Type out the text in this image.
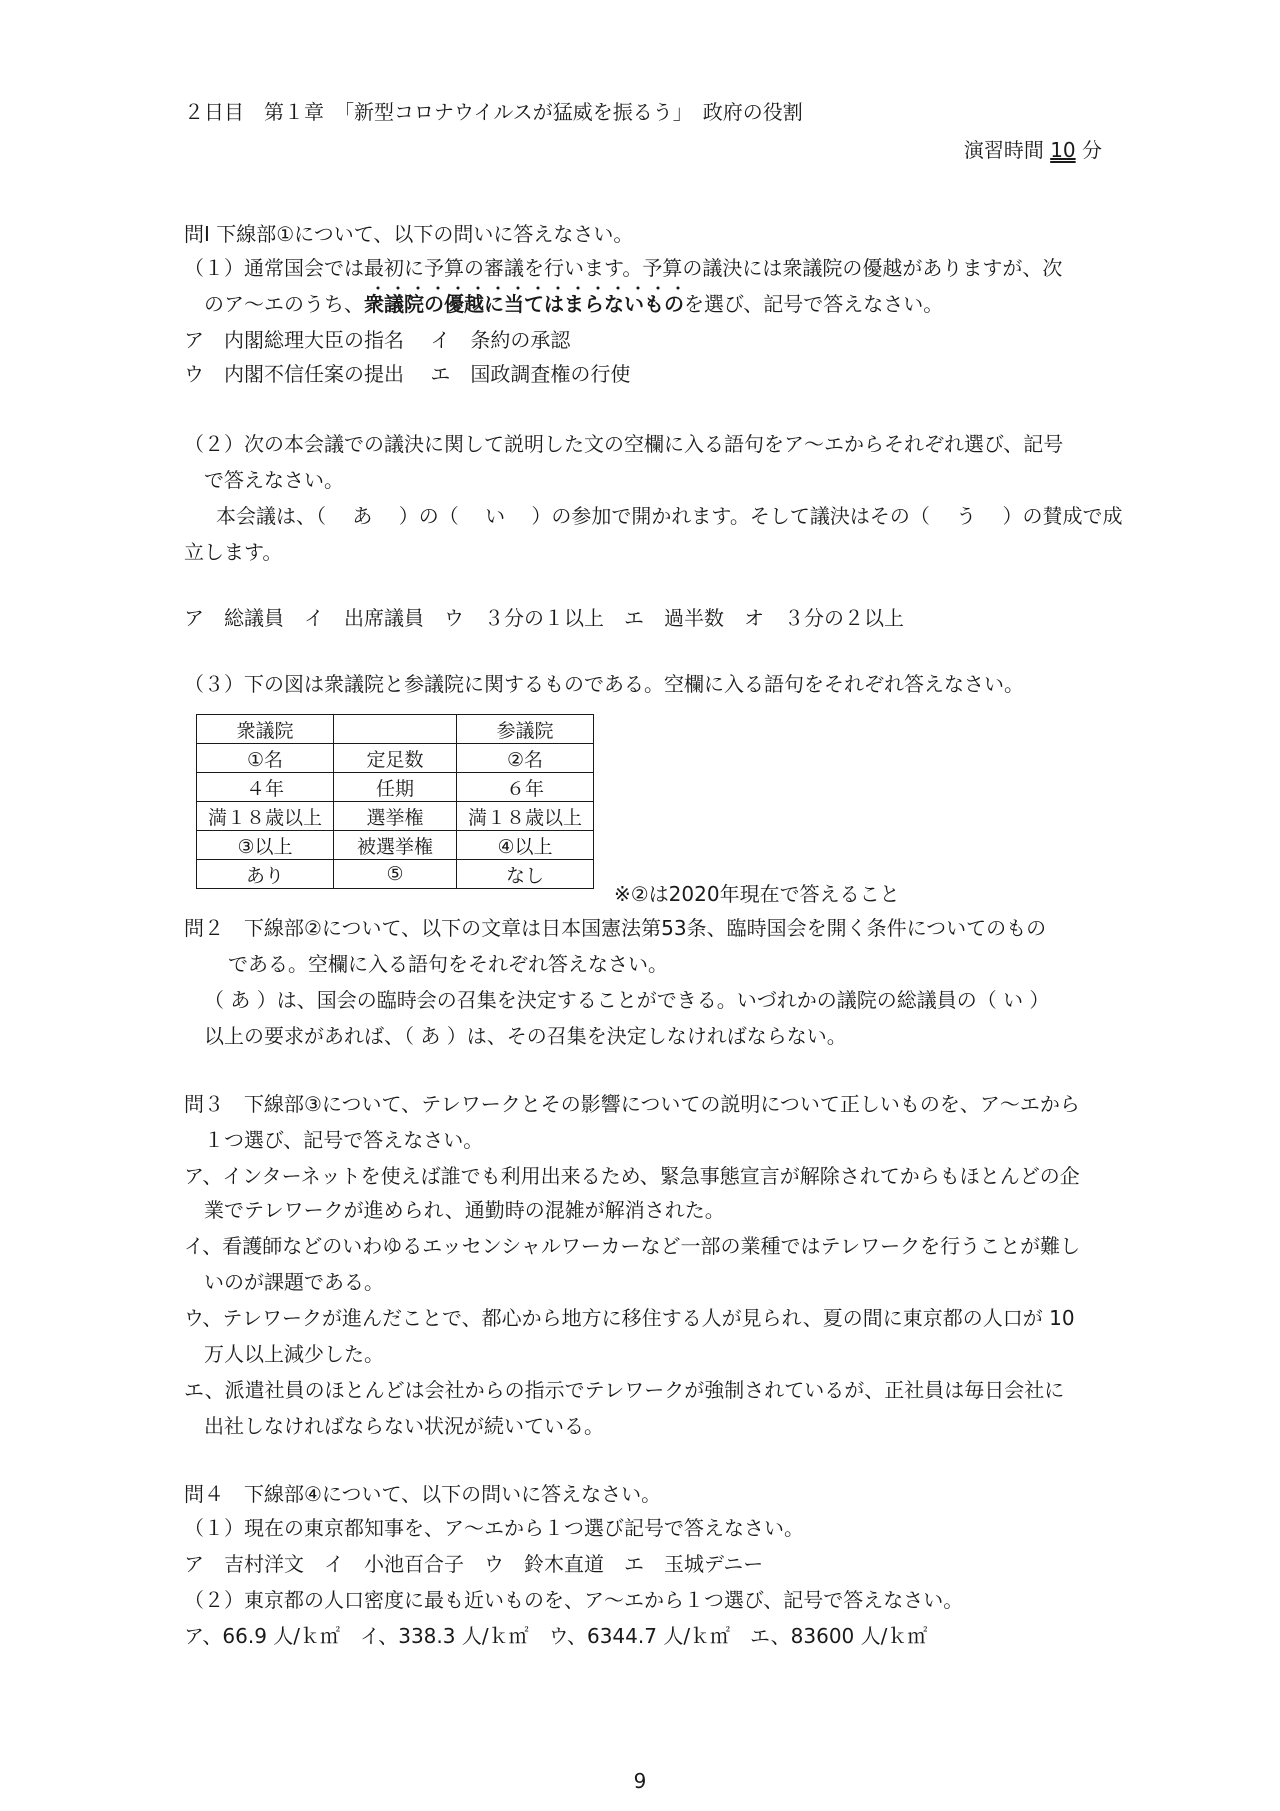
２日目　第１章　「新型コロナウイルスが猛威を振るう」　政府の役割
演習時間 10 分
問Ⅰ 下線部①について、以下の問いに答えなさい。
（１）通常国会では最初に予算の審議を行います。予算の議決には衆議院の優越がありますが、次
のア～エのうち、衆議院の優越に当てはまらないものを選び、記号で答えなさい。
ア　内閣総理大臣の指名　 イ　条約の承認
ウ　内閣不信任案の提出　 エ　国政調査権の行使
（２）次の本会議での議決に関して説明した文の空欄に入る語句をア～エからそれぞれ選び、記号
で答えなさい。
本会議は、（　 あ 　）の（　 い 　）の参加で開かれます。そして議決はその（　 う 　）の賛成で成
立します。
ア　総議員　イ　出席議員　ウ　３分の１以上　エ　過半数　オ　３分の２以上
（３）下の図は衆議院と参議院に関するものである。空欄に入る語句をそれぞれ答えなさい。
衆議院		参議院
①名	定足数	②名
４年	任期	６年
満１８歳以上	選挙権	満１８歳以上
③以上	被選挙権	④以上
あり	⑤	なし
※②は2020年現在で答えること
問２　下線部②について、以下の文章は日本国憲法第53条、臨時国会を開く条件についてのもの
である。空欄に入る語句をそれぞれ答えなさい。
（ あ ）は、国会の臨時会の召集を決定することができる。いづれかの議院の総議員の（ い ）
以上の要求があれば、（ あ ）は、その召集を決定しなければならない。
問３　下線部③について、テレワークとその影響についての説明について正しいものを、ア～エから
１つ選び、記号で答えなさい。
ア、インターネットを使えば誰でも利用出来るため、緊急事態宣言が解除されてからもほとんどの企
業でテレワークが進められ、通勤時の混雑が解消された。
イ、看護師などのいわゆるエッセンシャルワーカーなど一部の業種ではテレワークを行うことが難し
いのが課題である。
ウ、テレワークが進んだことで、都心から地方に移住する人が見られ、夏の間に東京都の人口が 10
万人以上減少した。
エ、派遣社員のほとんどは会社からの指示でテレワークが強制されているが、正社員は毎日会社に
出社しなければならない状況が続いている。
問４　下線部④について、以下の問いに答えなさい。
（１）現在の東京都知事を、ア～エから１つ選び記号で答えなさい。
ア　吉村洋文　イ　小池百合子　ウ　鈴木直道　エ　玉城デニー
（２）東京都の人口密度に最も近いものを、ア～エから１つ選び、記号で答えなさい。
ア、66.9 人/ｋ㎡　イ、338.3 人/ｋ㎡　ウ、6344.7 人/ｋ㎡　エ、83600 人/ｋ㎡
9
